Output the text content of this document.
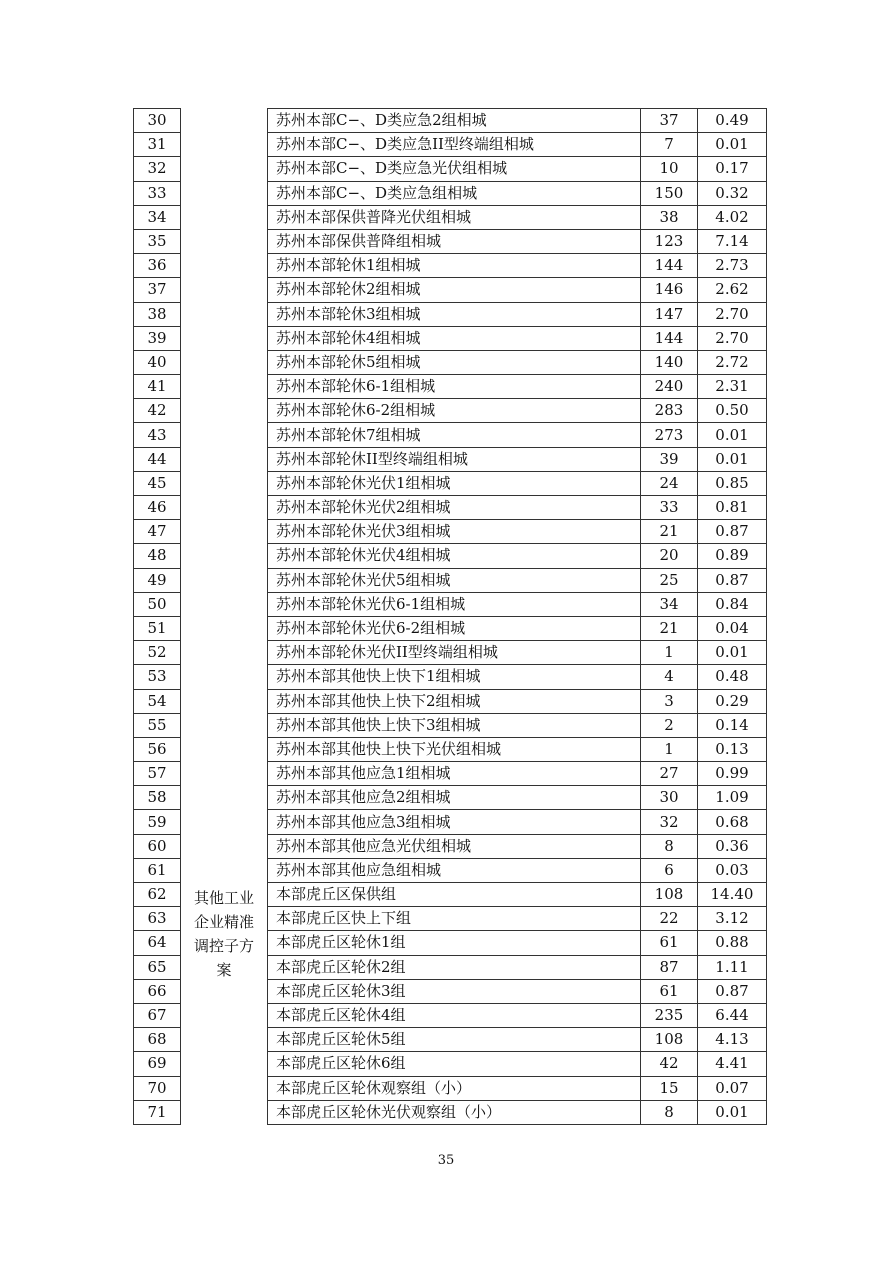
30	其他工业企业精准调控子方案	苏州本部C−、D类应急2组相城	37	0.49
31		苏州本部C−、D类应急II型终端组相城	7	0.01
32		苏州本部C−、D类应急光伏组相城	10	0.17
33		苏州本部C−、D类应急组相城	150	0.32
34		苏州本部保供普降光伏组相城	38	4.02
35		苏州本部保供普降组相城	123	7.14
36		苏州本部轮休1组相城	144	2.73
37		苏州本部轮休2组相城	146	2.62
38		苏州本部轮休3组相城	147	2.70
39		苏州本部轮休4组相城	144	2.70
40		苏州本部轮休5组相城	140	2.72
41		苏州本部轮休6-1组相城	240	2.31
42		苏州本部轮休6-2组相城	283	0.50
43		苏州本部轮休7组相城	273	0.01
44		苏州本部轮休II型终端组相城	39	0.01
45		苏州本部轮休光伏1组相城	24	0.85
46		苏州本部轮休光伏2组相城	33	0.81
47		苏州本部轮休光伏3组相城	21	0.87
48		苏州本部轮休光伏4组相城	20	0.89
49		苏州本部轮休光伏5组相城	25	0.87
50		苏州本部轮休光伏6-1组相城	34	0.84
51		苏州本部轮休光伏6-2组相城	21	0.04
52		苏州本部轮休光伏II型终端组相城	1	0.01
53		苏州本部其他快上快下1组相城	4	0.48
54		苏州本部其他快上快下2组相城	3	0.29
55		苏州本部其他快上快下3组相城	2	0.14
56		苏州本部其他快上快下光伏组相城	1	0.13
57		苏州本部其他应急1组相城	27	0.99
58		苏州本部其他应急2组相城	30	1.09
59		苏州本部其他应急3组相城	32	0.68
60		苏州本部其他应急光伏组相城	8	0.36
61		苏州本部其他应急组相城	6	0.03
62		本部虎丘区保供组	108	14.40
63		本部虎丘区快上下组	22	3.12
64		本部虎丘区轮休1组	61	0.88
65		本部虎丘区轮休2组	87	1.11
66		本部虎丘区轮休3组	61	0.87
67		本部虎丘区轮休4组	235	6.44
68		本部虎丘区轮休5组	108	4.13
69		本部虎丘区轮休6组	42	4.41
70		本部虎丘区轮休观察组（小）	15	0.07
71		本部虎丘区轮休光伏观察组（小）	8	0.01
35
